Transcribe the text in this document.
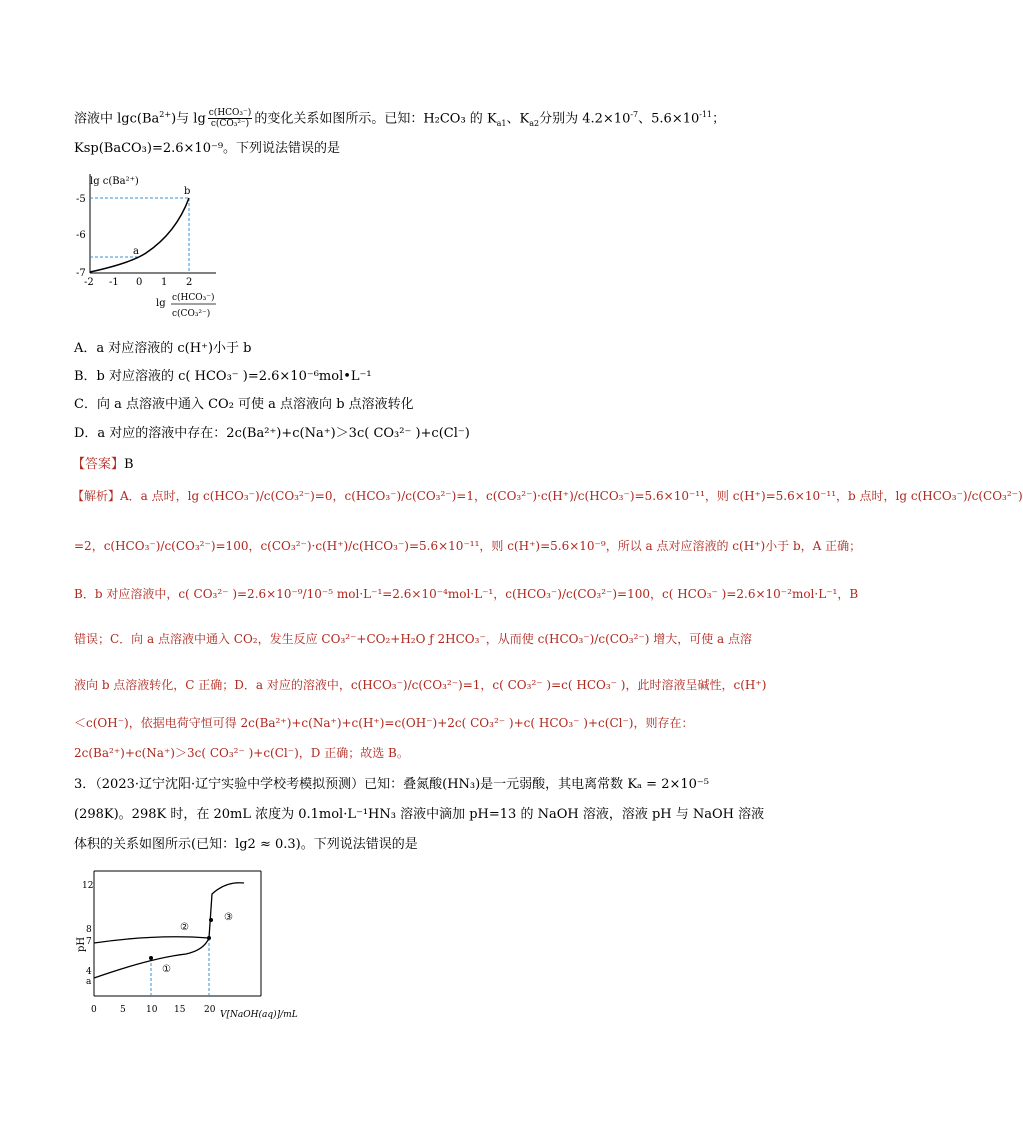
溶液中 $\lg c(Ba^{2+})$与 $\lg \frac{\text{c(HCO₃⁻)}}{\text{c(CO₃²⁻)}}$ 的变化关系如图所示。已知：H₂CO₃ 的 $K_{a1}$、$K_{a2}$分别为 $4.2\times 10^{-7}$、$5.6\times 10^{-11}$；
Ksp(BaCO₃)=2.6×10⁻⁹。下列说法错误的是
lg c(Ba²⁺)
-5
-6
-7
-2 -1 0 1 2
a
b
lg c(HCO₃⁻)
c(CO₃²⁻)
A．a 对应溶液的 c(H⁺)小于 b
B．b 对应溶液的 c( HCO₃⁻ )=2.6×10⁻⁶mol•L⁻¹
C．向 a 点溶液中通入 CO₂ 可使 a 点溶液向 b 点溶液转化
D．a 对应的溶液中存在：2c(Ba²⁺)+c(Na⁺)＞3c( CO₃²⁻ )+c(Cl⁻)
【答案】B
【解析】A．a 点时，lg c(HCO₃⁻)/c(CO₃²⁻)=0，c(HCO₃⁻)/c(CO₃²⁻)=1，c(CO₃²⁻)·c(H⁺)/c(HCO₃⁻)=5.6×10⁻¹¹，则 c(H⁺)=5.6×10⁻¹¹，b 点时，lg c(HCO₃⁻)/c(CO₃²⁻)
=2，c(HCO₃⁻)/c(CO₃²⁻)=100，c(CO₃²⁻)·c(H⁺)/c(HCO₃⁻)=5.6×10⁻¹¹，则 c(H⁺)=5.6×10⁻⁹，所以 a 点对应溶液的 c(H⁺)小于 b，A 正确；
B．b 对应溶液中，c( CO₃²⁻ )=2.6×10⁻⁹/10⁻⁵ mol·L⁻¹=2.6×10⁻⁴mol·L⁻¹，c(HCO₃⁻)/c(CO₃²⁻)=100，c( HCO₃⁻ )=2.6×10⁻²mol·L⁻¹，B
错误；C．向 a 点溶液中通入 CO₂，发生反应 CO₃²⁻+CO₂+H₂O ƒ 2HCO₃⁻，从而使 c(HCO₃⁻)/c(CO₃²⁻) 增大，可使 a 点溶
液向 b 点溶液转化，C 正确；D．a 对应的溶液中，c(HCO₃⁻)/c(CO₃²⁻)=1，c( CO₃²⁻ )=c( HCO₃⁻ )，此时溶液呈碱性，c(H⁺)
＜c(OH⁻)，依据电荷守恒可得 2c(Ba²⁺)+c(Na⁺)+c(H⁺)=c(OH⁻)+2c( CO₃²⁻ )+c( HCO₃⁻ )+c(Cl⁻)，则存在：
2c(Ba²⁺)+c(Na⁺)＞3c( CO₃²⁻ )+c(Cl⁻)，D 正确；故选 B。
3．（2023·辽宁沈阳·辽宁实验中学校考模拟预测）已知：叠氮酸(HN₃)是一元弱酸，其电离常数 Kₐ = 2×10⁻⁵
(298K)。298K 时，在 20mL 浓度为 0.1mol·L⁻¹HN₃ 溶液中滴加 pH=13 的 NaOH 溶液，溶液 pH 与 NaOH 溶液
体积的关系如图所示(已知：lg2 ≈ 0.3)。下列说法错误的是
pH
12
8
7
4
a
0	5 10 15 20 V[NaOH(aq)]/mL
①
②
③
